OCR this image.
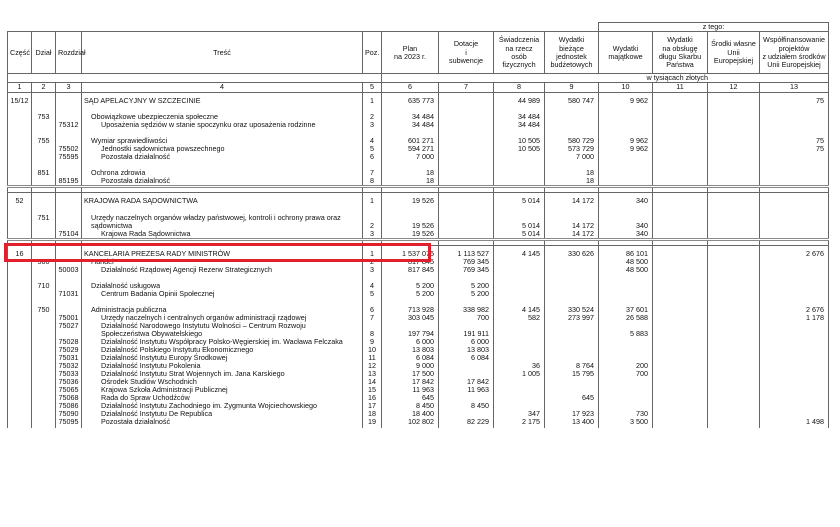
									z tego:			
Część	Dział	Rozdział	Treść	Poz.	Plan
na 2023 r.	Dotacje
i
subwencje	Świadczenia
na rzecz
osób
fizycznych	Wydatki
bieżące
jednostek
budżetowych	Wydatki
majątkowe	Wydatki
na obsługę
długu Skarbu
Państwa	Środki własne
Unii
Europejskiej	Współfinansowanie
projektów
z udziałem środków
Unii Europejskiej
					w tysiącach złotych							
1	2	3	4	5	6	7	8	9	10	11	12	13
15/12			SĄD APELACYJNY W SZCZECINIE	1	635 773		44 989	580 747	9 962			75

	753		Obowiązkowe ubezpieczenia społeczne	2	34 484		34 484					
		75312	Uposażenia sędziów w stanie spoczynku oraz uposażenia rodzinne	3	34 484		34 484					

	755		Wymiar sprawiedliwości	4	601 271		10 505	580 729	9 962			75
		75502	Jednostki sądownictwa powszechnego	5	594 271		10 505	573 729	9 962			75
		75595	Pozostała działalność	6	7 000			7 000				

	851		Ochrona zdrowia	7	18			18				
		85195	Pozostała działalność	8	18			18				

52			KRAJOWA RADA SĄDOWNICTWA	1	19 526		5 014	14 172	340			

	751		Urzędy naczelnych organów władzy państwowej, kontroli i ochrony prawa oraz									
			sądownictwa	2	19 526		5 014	14 172	340			
		75104	Krajowa Rada Sądownictwa	3	19 526		5 014	14 172	340			

16			KANCELARIA PREZESA RADY MINISTRÓW	1	1 537 075	1 113 527	4 145	330 626	86 101			2 676
	500		Handel	2	817 845	769 345			48 500			
		50003	Działalność Rządowej Agencji Rezerw Strategicznych	3	817 845	769 345			48 500			

	710		Działalność usługowa	4	5 200	5 200						
		71031	Centrum Badania Opinii Społecznej	5	5 200	5 200						

	750		Administracja publiczna	6	713 928	338 982	4 145	330 524	37 601			2 676
		75001	Urzędy naczelnych i centralnych organów administracji rządowej	7	303 045	700	582	273 997	26 588			1 178
		75027	Działalność Narodowego Instytutu Wolności – Centrum Rozwoju									
			Społeczeństwa Obywatelskiego	8	197 794	191 911			5 883			
		75028	Działalność Instytutu Współpracy Polsko-Węgierskiej im. Wacława Felczaka	9	6 000	6 000						
		75029	Działalność Polskiego Instytutu Ekonomicznego	10	13 803	13 803						
		75031	Działalność Instytutu Europy Środkowej	11	6 084	6 084						
		75032	Działalność Instytutu Pokolenia	12	9 000		36	8 764	200			
		75033	Działalność Instytutu Strat Wojennych im. Jana Karskiego	13	17 500		1 005	15 795	700			
		75036	Ośrodek Studiów Wschodnich	14	17 842	17 842						
		75065	Krajowa Szkoła Administracji Publicznej	15	11 963	11 963						
		75068	Rada do Spraw Uchodźców	16	645			645				
		75086	Działalność Instytutu Zachodniego im. Zygmunta Wojciechowskiego	17	8 450	8 450						
		75090	Działalność Instytutu De Republica	18	18 400		347	17 923	730			
		75095	Pozostała działalność	19	102 802	82 229	2 175	13 400	3 500			1 498
